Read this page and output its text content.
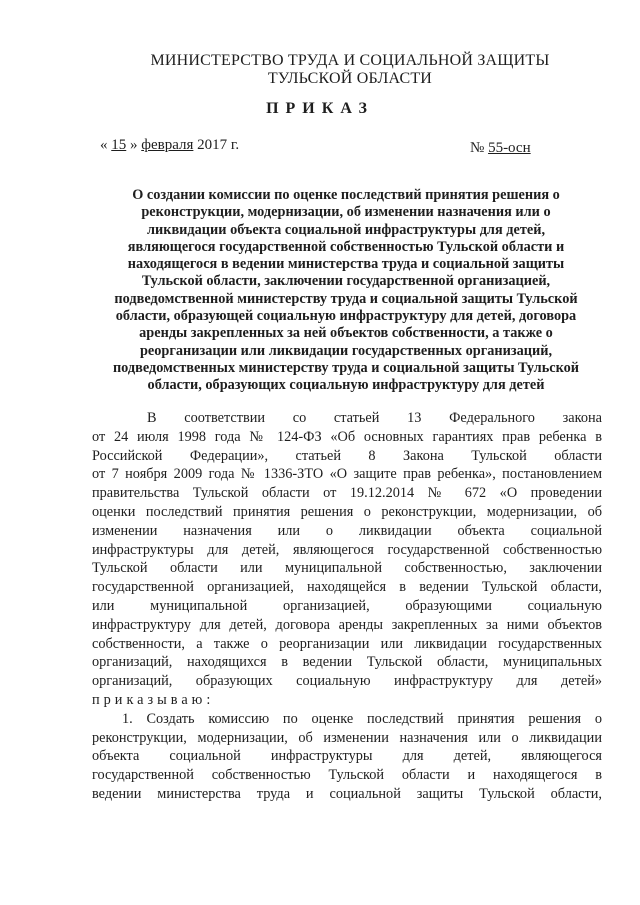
МИНИСТЕРСТВО ТРУДА И СОЦИАЛЬНОЙ ЗАЩИТЫ
ТУЛЬСКОЙ ОБЛАСТИ
ПРИКАЗ
« 15 » февраля 2017 г.	№ 55-осн
О создании комиссии по оценке последствий принятия решения о
реконструкции, модернизации, об изменении назначения или о
ликвидации объекта социальной инфраструктуры для детей,
являющегося государственной собственностью Тульской области и
находящегося в ведении министерства труда и социальной защиты
Тульской области, заключении государственной организацией,
подведомственной министерству труда и социальной защиты Тульской
области, образующей социальную инфраструктуру для детей, договора
аренды закрепленных за ней объектов собственности, а также о
реорганизации или ликвидации государственных организаций,
подведомственных министерству труда и социальной защиты Тульской
области, образующих социальную инфраструктуру для детей
В соответствии со статьей 13 Федерального закона
от 24 июля 1998 года № 124-ФЗ «Об основных гарантиях прав ребенка в
Российской Федерации», статьей 8 Закона Тульской области
от 7 ноября 2009 года № 1336-ЗТО «О защите прав ребенка», постановлением
правительства Тульской области от 19.12.2014 № 672 «О проведении
оценки последствий принятия решения о реконструкции, модернизации, об
изменении назначения или о ликвидации объекта социальной
инфраструктуры для детей, являющегося государственной собственностью
Тульской области или муниципальной собственностью, заключении
государственной организацией, находящейся в ведении Тульской области,
или муниципальной организацией, образующими социальную
инфраструктуру для детей, договора аренды закрепленных за ними объектов
собственности, а также о реорганизации или ликвидации государственных
организаций, находящихся в ведении Тульской области, муниципальных
организаций, образующих социальную инфраструктуру для детей»
приказываю:
1. Создать комиссию по оценке последствий принятия решения о
реконструкции, модернизации, об изменении назначения или о ликвидации
объекта социальной инфраструктуры для детей, являющегося
государственной собственностью Тульской области и находящегося в
ведении министерства труда и социальной защиты Тульской области,
